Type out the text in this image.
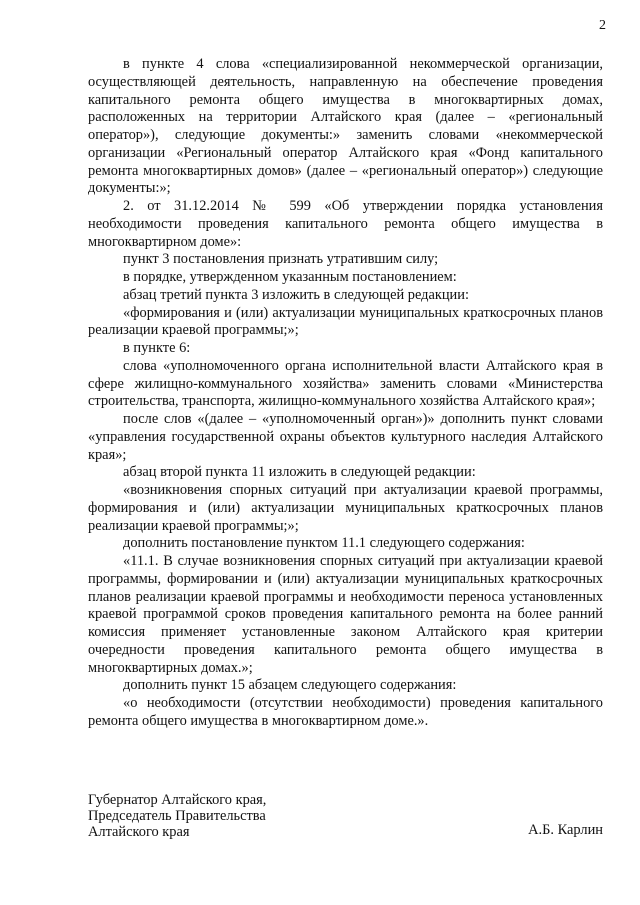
2

в пункте 4 слова «специализированной некоммерческой организации, осуществляющей деятельность, направленную на обеспечение проведения капитального ремонта общего имущества в многоквартирных домах, расположенных на территории Алтайского края (далее – «региональный оператор»), следующие документы:» заменить словами «некоммерческой организации «Региональный оператор Алтайского края «Фонд капитального ремонта многоквартирных домов» (далее – «региональный оператор») следующие документы:»;

2. от 31.12.2014 № 599 «Об утверждении порядка установления необходимости проведения капитального ремонта общего имущества в многоквартирном доме»:

пункт 3 постановления признать утратившим силу;

в порядке, утвержденном указанным постановлением:

абзац третий пункта 3 изложить в следующей редакции:

«формирования и (или) актуализации муниципальных краткосрочных планов реализации краевой программы;»;

в пункте 6:

слова «уполномоченного органа исполнительной власти Алтайского края в сфере жилищно-коммунального хозяйства» заменить словами «Министерства строительства, транспорта, жилищно-коммунального хозяйства Алтайского края»;

после слов «(далее – «уполномоченный орган»)» дополнить пункт словами «управления государственной охраны объектов культурного наследия Алтайского края»;

абзац второй пункта 11 изложить в следующей редакции:

«возникновения спорных ситуаций при актуализации краевой программы, формирования и (или) актуализации муниципальных краткосрочных планов реализации краевой программы;»;

дополнить постановление пунктом 11.1 следующего содержания:

«11.1. В случае возникновения спорных ситуаций при актуализации краевой программы, формировании и (или) актуализации муниципальных краткосрочных планов реализации краевой программы и необходимости переноса установленных краевой программой сроков проведения капитального ремонта на более ранний комиссия применяет установленные законом Алтайского края критерии очередности проведения капитального ремонта общего имущества в многоквартирных домах.»;

дополнить пункт 15 абзацем следующего содержания:

«о необходимости (отсутствии необходимости) проведения капитального ремонта общего имущества в многоквартирном доме.».

Губернатор Алтайского края,
Председатель Правительства
Алтайского края	А.Б. Карлин
